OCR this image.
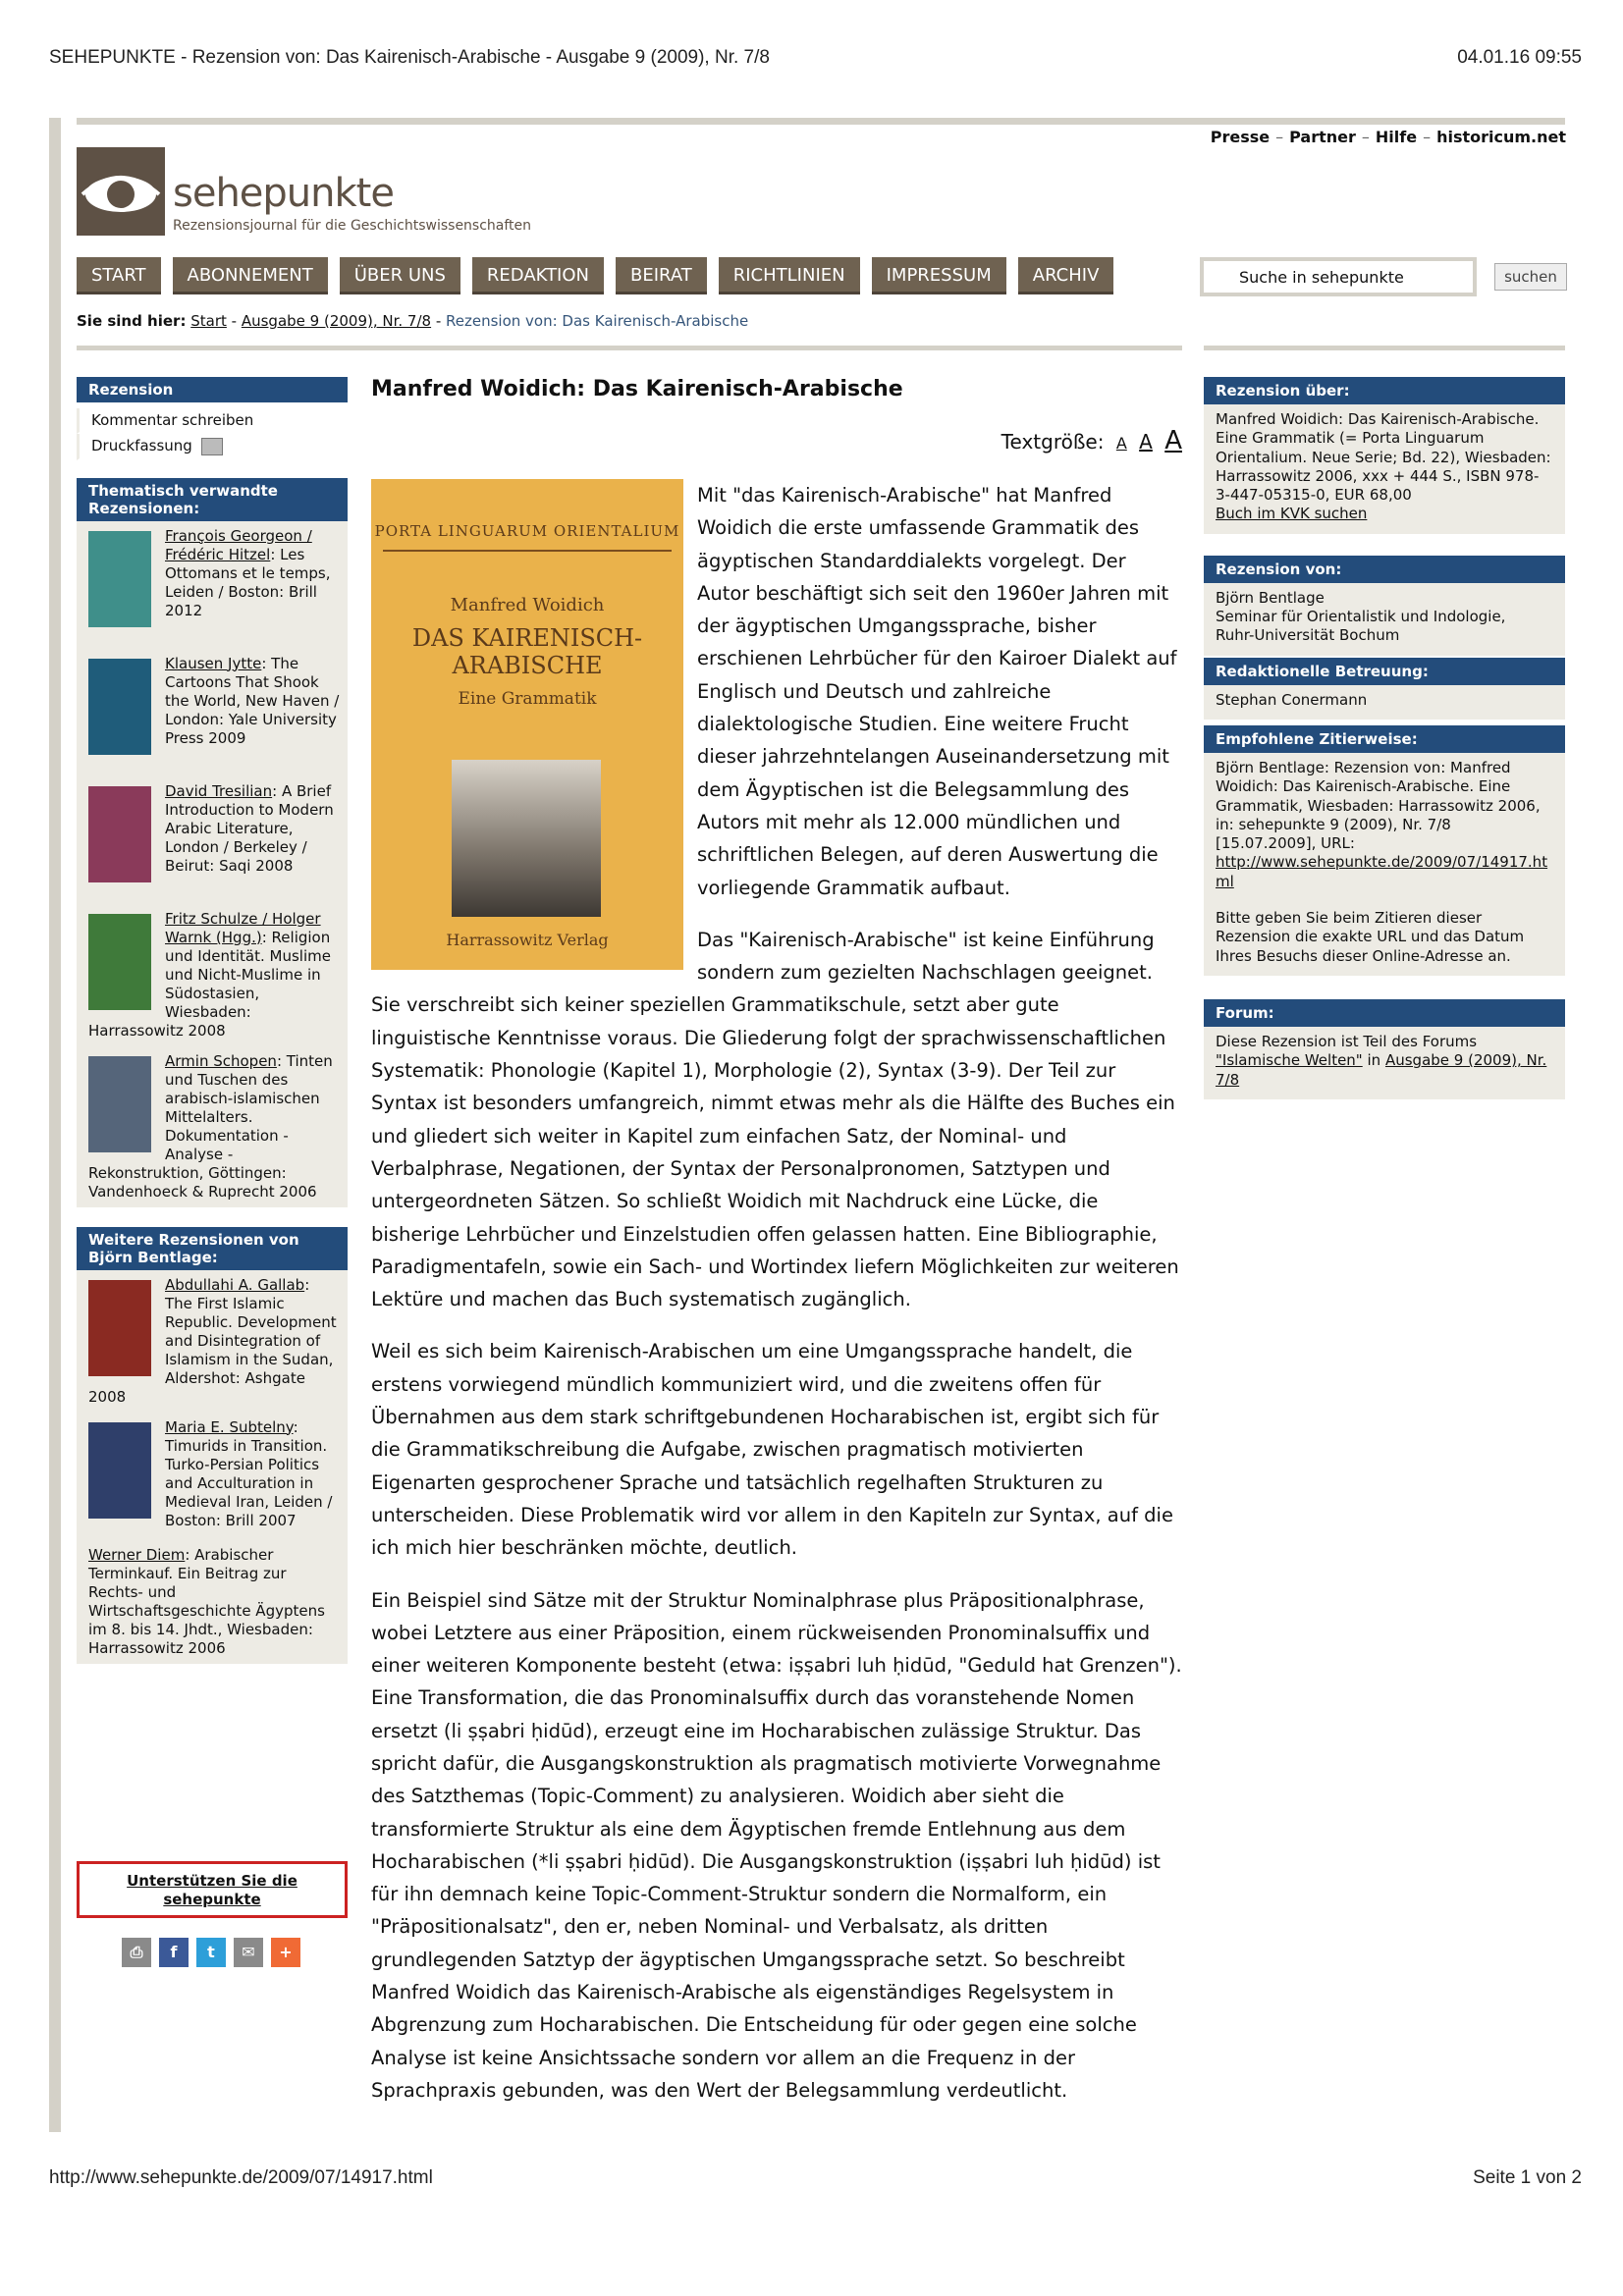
SEHEPUNKTE - Rezension von: Das Kairenisch-Arabische - Ausgabe 9 (2009), Nr. 7/8	04.01.16 09:55
Presse – Partner – Hilfe – historicum.net
sehepunkte
Rezensionsjournal für die Geschichtswissenschaften
START	ABONNEMENT	ÜBER UNS	REDAKTION	BEIRAT	RICHTLINIEN	IMPRESSUM	ARCHIV
Suche in sehepunkte	suchen
Sie sind hier: Start - Ausgabe 9 (2009), Nr. 7/8 - Rezension von: Das Kairenisch-Arabische
Rezension
Kommentar schreiben
Druckfassung
Thematisch verwandte Rezensionen:
François Georgeon / Frédéric Hitzel: Les Ottomans et le temps, Leiden / Boston: Brill 2012
Klausen Jytte: The Cartoons That Shook the World, New Haven / London: Yale University Press 2009
David Tresilian: A Brief Introduction to Modern Arabic Literature, London / Berkeley / Beirut: Saqi 2008
Fritz Schulze / Holger Warnk (Hgg.): Religion und Identität. Muslime und Nicht-Muslime in Südostasien, Wiesbaden: Harrassowitz 2008
Armin Schopen: Tinten und Tuschen des arabisch-islamischen Mittelalters. Dokumentation - Analyse - Rekonstruktion, Göttingen: Vandenhoeck & Ruprecht 2006
Weitere Rezensionen von Björn Bentlage:
Abdullahi A. Gallab: The First Islamic Republic. Development and Disintegration of Islamism in the Sudan, Aldershot: Ashgate 2008
Maria E. Subtelny: Timurids in Transition. Turko-Persian Politics and Acculturation in Medieval Iran, Leiden / Boston: Brill 2007
Werner Diem: Arabischer Terminkauf. Ein Beitrag zur Rechts- und Wirtschaftsgeschichte Ägyptens im 8. bis 14. Jhdt., Wiesbaden: Harrassowitz 2006
Unterstützen Sie die sehepunkte
⎙	f	t	✉	+
Manfred Woidich: Das Kairenisch-Arabische
Textgröße: A A A

Mit "das Kairenisch-Arabische" hat Manfred Woidich die erste umfassende Grammatik des ägyptischen Standarddialekts vorgelegt. Der Autor beschäftigt sich seit den 1960er Jahren mit der ägyptischen Umgangssprache, bisher erschienen Lehrbücher für den Kairoer Dialekt auf Englisch und Deutsch und zahlreiche dialektologische Studien. Eine weitere Frucht dieser jahrzehntelangen Auseinandersetzung mit dem Ägyptischen ist die Belegsammlung des Autors mit mehr als 12.000 mündlichen und schriftlichen Belegen, auf deren Auswertung die vorliegende Grammatik aufbaut.

Das "Kairenisch-Arabische" ist keine Einführung sondern zum gezielten Nachschlagen geeignet. Sie verschreibt sich keiner speziellen Grammatikschule, setzt aber gute linguistische Kenntnisse voraus. Die Gliederung folgt der sprachwissenschaftlichen Systematik: Phonologie (Kapitel 1), Morphologie (2), Syntax (3-9). Der Teil zur Syntax ist besonders umfangreich, nimmt etwas mehr als die Hälfte des Buches ein und gliedert sich weiter in Kapitel zum einfachen Satz, der Nominal- und Verbalphrase, Negationen, der Syntax der Personalpronomen, Satztypen und untergeordneten Sätzen. So schließt Woidich mit Nachdruck eine Lücke, die bisherige Lehrbücher und Einzelstudien offen gelassen hatten. Eine Bibliographie, Paradigmentafeln, sowie ein Sach- und Wortindex liefern Möglichkeiten zur weiteren Lektüre und machen das Buch systematisch zugänglich.

Weil es sich beim Kairenisch-Arabischen um eine Umgangssprache handelt, die erstens vorwiegend mündlich kommuniziert wird, und die zweitens offen für Übernahmen aus dem stark schriftgebundenen Hocharabischen ist, ergibt sich für die Grammatikschreibung die Aufgabe, zwischen pragmatisch motivierten Eigenarten gesprochener Sprache und tatsächlich regelhaften Strukturen zu unterscheiden. Diese Problematik wird vor allem in den Kapiteln zur Syntax, auf die ich mich hier beschränken möchte, deutlich.

Ein Beispiel sind Sätze mit der Struktur Nominalphrase plus Präpositionalphrase, wobei Letztere aus einer Präposition, einem rückweisenden Pronominalsuffix und einer weiteren Komponente besteht (etwa: iṣṣabri luh ḥidūd, "Geduld hat Grenzen"). Eine Transformation, die das Pronominalsuffix durch das voranstehende Nomen ersetzt (li ṣṣabri ḥidūd), erzeugt eine im Hocharabischen zulässige Struktur. Das spricht dafür, die Ausgangskonstruktion als pragmatisch motivierte Vorwegnahme des Satzthemas (Topic-Comment) zu analysieren. Woidich aber sieht die transformierte Struktur als eine dem Ägyptischen fremde Entlehnung aus dem Hocharabischen (*li ṣṣabri ḥidūd). Die Ausgangskonstruktion (iṣṣabri luh ḥidūd) ist für ihn demnach keine Topic-Comment-Struktur sondern die Normalform, ein "Präpositionalsatz", den er, neben Nominal- und Verbalsatz, als dritten grundlegenden Satztyp der ägyptischen Umgangssprache setzt. So beschreibt Manfred Woidich das Kairenisch-Arabische als eigenständiges Regelsystem in Abgrenzung zum Hocharabischen. Die Entscheidung für oder gegen eine solche Analyse ist keine Ansichtssache sondern vor allem an die Frequenz in der Sprachpraxis gebunden, was den Wert der Belegsammlung verdeutlicht.

PORTA LINGUARUM ORIENTALIUM
Manfred Woidich
DAS KAIRENISCH-ARABISCHE
Eine Grammatik
Harrassowitz Verlag
Rezension über:
Manfred Woidich: Das Kairenisch-Arabische. Eine Grammatik (= Porta Linguarum Orientalium. Neue Serie; Bd. 22), Wiesbaden: Harrassowitz 2006, xxx + 444 S., ISBN 978-3-447-05315-0, EUR 68,00
Buch im KVK suchen
Rezension von:
Björn Bentlage
Seminar für Orientalistik und Indologie,
Ruhr-Universität Bochum
Redaktionelle Betreuung:
Stephan Conermann
Empfohlene Zitierweise:
Björn Bentlage: Rezension von: Manfred Woidich: Das Kairenisch-Arabische. Eine Grammatik, Wiesbaden: Harrassowitz 2006, in: sehepunkte 9 (2009), Nr. 7/8 [15.07.2009], URL:
http://www.sehepunkte.de/2009/07/14917.html
Bitte geben Sie beim Zitieren dieser Rezension die exakte URL und das Datum Ihres Besuchs dieser Online-Adresse an.
Forum:
Diese Rezension ist Teil des Forums "Islamische Welten" in Ausgabe 9 (2009), Nr. 7/8
http://www.sehepunkte.de/2009/07/14917.html	Seite 1 von 2
